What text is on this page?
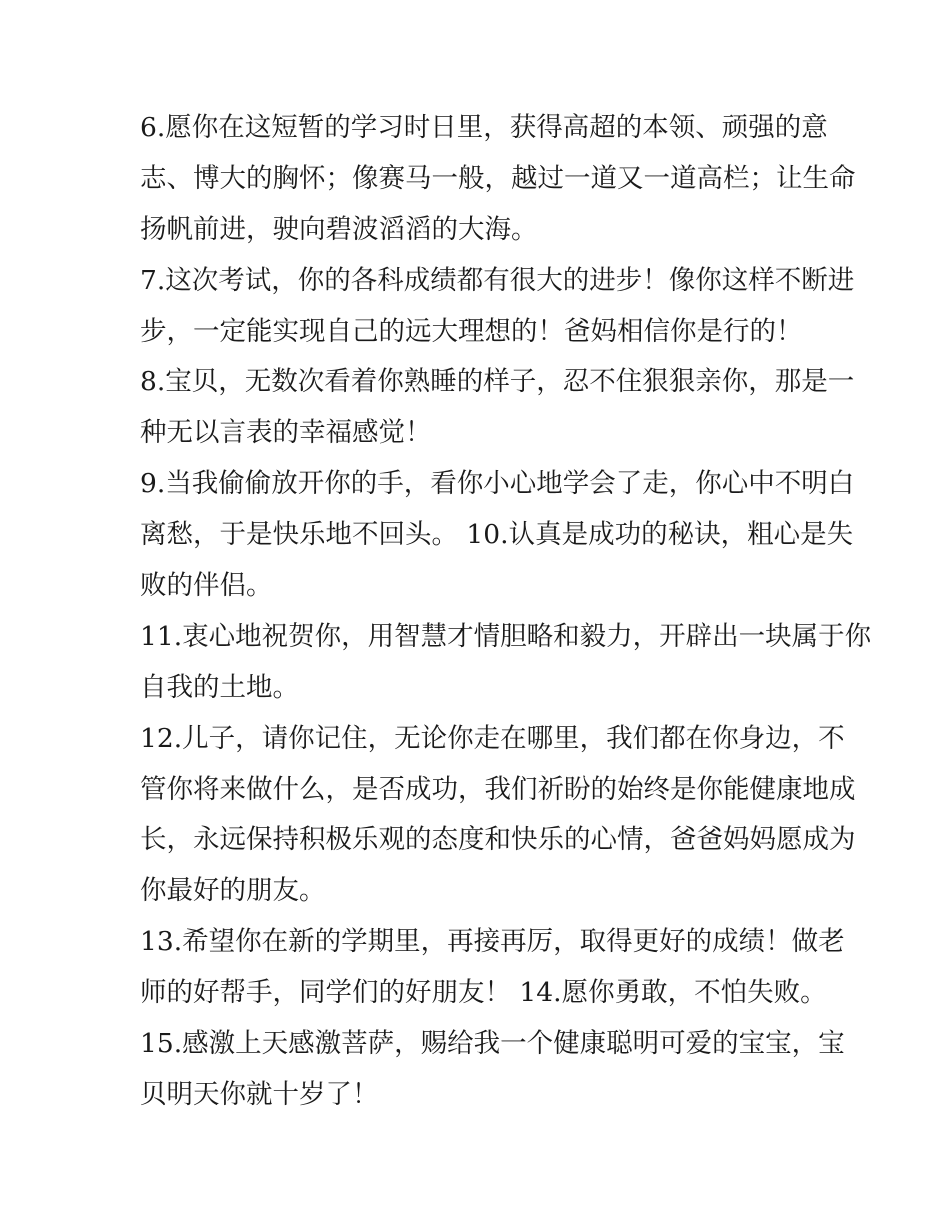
6.愿你在这短暂的学习时日里，获得高超的本领、顽强的意
志、博大的胸怀；像赛马一般，越过一道又一道高栏；让生命
扬帆前进，驶向碧波滔滔的大海。
7.这次考试，你的各科成绩都有很大的进步！像你这样不断进
步，一定能实现自己的远大理想的！爸妈相信你是行的！
8.宝贝，无数次看着你熟睡的样子，忍不住狠狠亲你，那是一
种无以言表的幸福感觉！
9.当我偷偷放开你的手，看你小心地学会了走，你心中不明白
离愁，于是快乐地不回头。 10.认真是成功的秘诀，粗心是失
败的伴侣。
11.衷心地祝贺你，用智慧才情胆略和毅力，开辟出一块属于你
自我的土地。
12.儿子，请你记住，无论你走在哪里，我们都在你身边，不
管你将来做什么，是否成功，我们祈盼的始终是你能健康地成
长，永远保持积极乐观的态度和快乐的心情，爸爸妈妈愿成为
你最好的朋友。
13.希望你在新的学期里，再接再厉，取得更好的成绩！做老
师的好帮手，同学们的好朋友！ 14.愿你勇敢，不怕失败。
15.感激上天感激菩萨，赐给我一个健康聪明可爱的宝宝，宝
贝明天你就十岁了！
